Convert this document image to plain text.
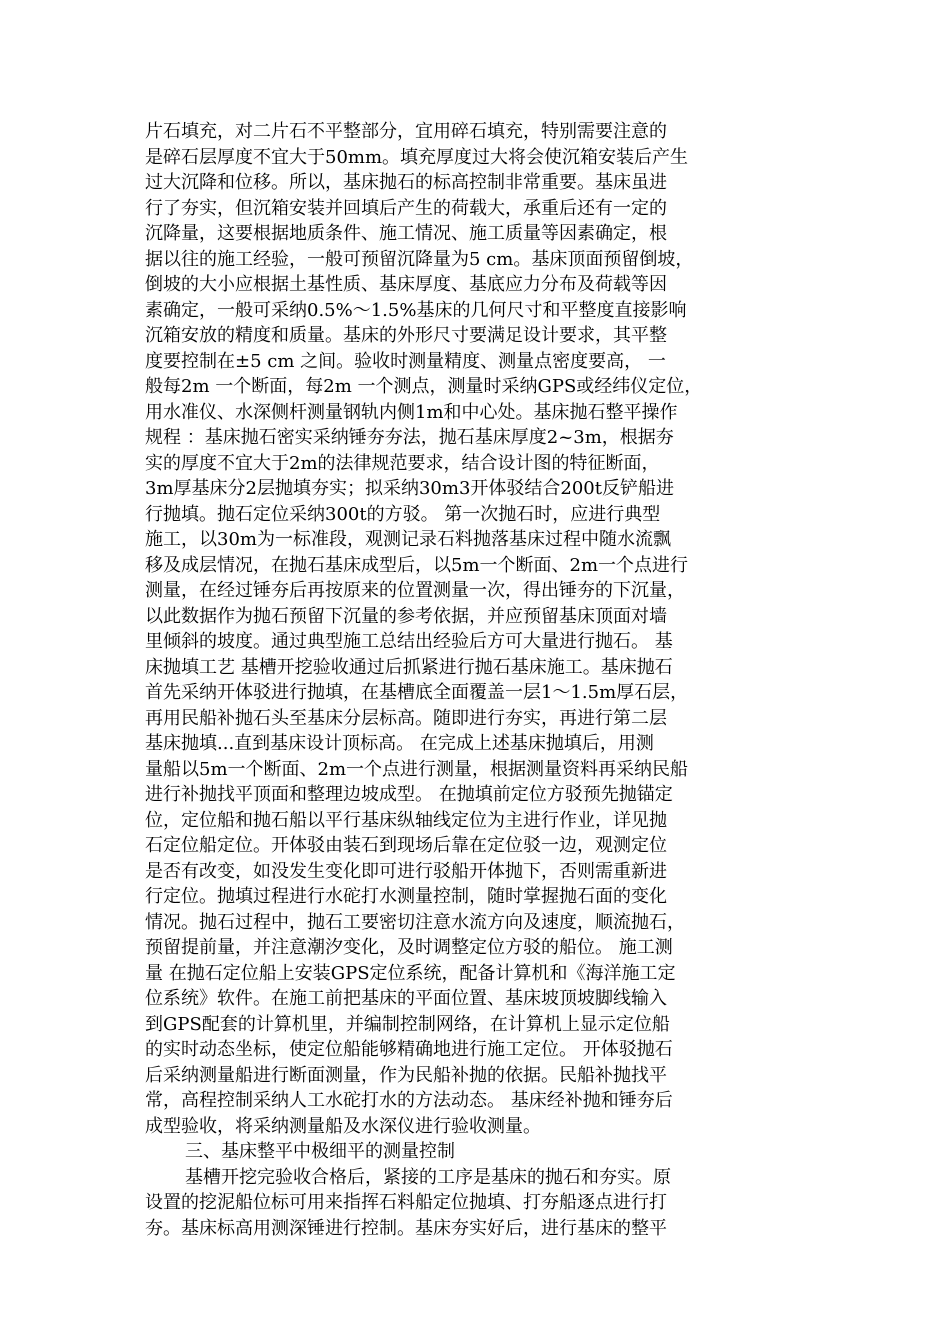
片石填充，对二片石不平整部分，宜用碎石填充，特别需要注意的
是碎石层厚度不宜大于50mm。填充厚度过大将会使沉箱安装后产生
过大沉降和位移。所以，基床抛石的标高控制非常重要。基床虽进
行了夯实，但沉箱安装并回填后产生的荷载大，承重后还有一定的
沉降量，这要根据地质条件、施工情况、施工质量等因素确定，根
据以往的施工经验，一般可预留沉降量为5 cm。基床顶面预留倒坡，
倒坡的大小应根据土基性质、基床厚度、基底应力分布及荷载等因
素确定，一般可采纳0.5%～1.5%基床的几何尺寸和平整度直接影响
沉箱安放的精度和质量。基床的外形尺寸要满足设计要求，其平整
度要控制在±5 cm 之间。验收时测量精度、测量点密度要高， 一
般每2m 一个断面，每2m 一个测点，测量时采纳GPS或经纬仪定位，
用水准仪、水深侧杆测量钢轨内侧1m和中心处。基床抛石整平操作
规程 ：基床抛石密实采纳锤夯夯法，抛石基床厚度2~3m，根据夯
实的厚度不宜大于2m的法律规范要求，结合设计图的特征断面，
3m厚基床分2层抛填夯实；拟采纳30m3开体驳结合200t反铲船进
行抛填。抛石定位采纳300t的方驳。 第一次抛石时，应进行典型
施工，以30m为一标准段，观测记录石料抛落基床过程中随水流飘
移及成层情况，在抛石基床成型后，以5m一个断面、2m一个点进行
测量，在经过锤夯后再按原来的位置测量一次，得出锤夯的下沉量，
以此数据作为抛石预留下沉量的参考依据，并应预留基床顶面对墙
里倾斜的坡度。通过典型施工总结出经验后方可大量进行抛石。 基
床抛填工艺 基槽开挖验收通过后抓紧进行抛石基床施工。基床抛石
首先采纳开体驳进行抛填，在基槽底全面覆盖一层1～1.5m厚石层，
再用民船补抛石头至基床分层标高。随即进行夯实，再进行第二层
基床抛填...直到基床设计顶标高。 在完成上述基床抛填后，用测
量船以5m一个断面、2m一个点进行测量，根据测量资料再采纳民船
进行补抛找平顶面和整理边坡成型。 在抛填前定位方驳预先抛锚定
位，定位船和抛石船以平行基床纵轴线定位为主进行作业，详见抛
石定位船定位。开体驳由装石到现场后靠在定位驳一边，观测定位
是否有改变，如没发生变化即可进行驳船开体抛下，否则需重新进
行定位。抛填过程进行水砣打水测量控制，随时掌握抛石面的变化
情况。抛石过程中，抛石工要密切注意水流方向及速度，顺流抛石，
预留提前量，并注意潮汐变化，及时调整定位方驳的船位。 施工测
量 在抛石定位船上安装GPS定位系统，配备计算机和《海洋施工定
位系统》软件。在施工前把基床的平面位置、基床坡顶坡脚线输入
到GPS配套的计算机里，并编制控制网络，在计算机上显示定位船
的实时动态坐标，使定位船能够精确地进行施工定位。 开体驳抛石
后采纳测量船进行断面测量，作为民船补抛的依据。民船补抛找平
常，高程控制采纳人工水砣打水的方法动态。 基床经补抛和锤夯后
成型验收，将采纳测量船及水深仪进行验收测量。
三、基床整平中极细平的测量控制
基槽开挖完验收合格后，紧接的工序是基床的抛石和夯实。原
设置的挖泥船位标可用来指挥石料船定位抛填、打夯船逐点进行打
夯。基床标高用测深锤进行控制。基床夯实好后，进行基床的整平
